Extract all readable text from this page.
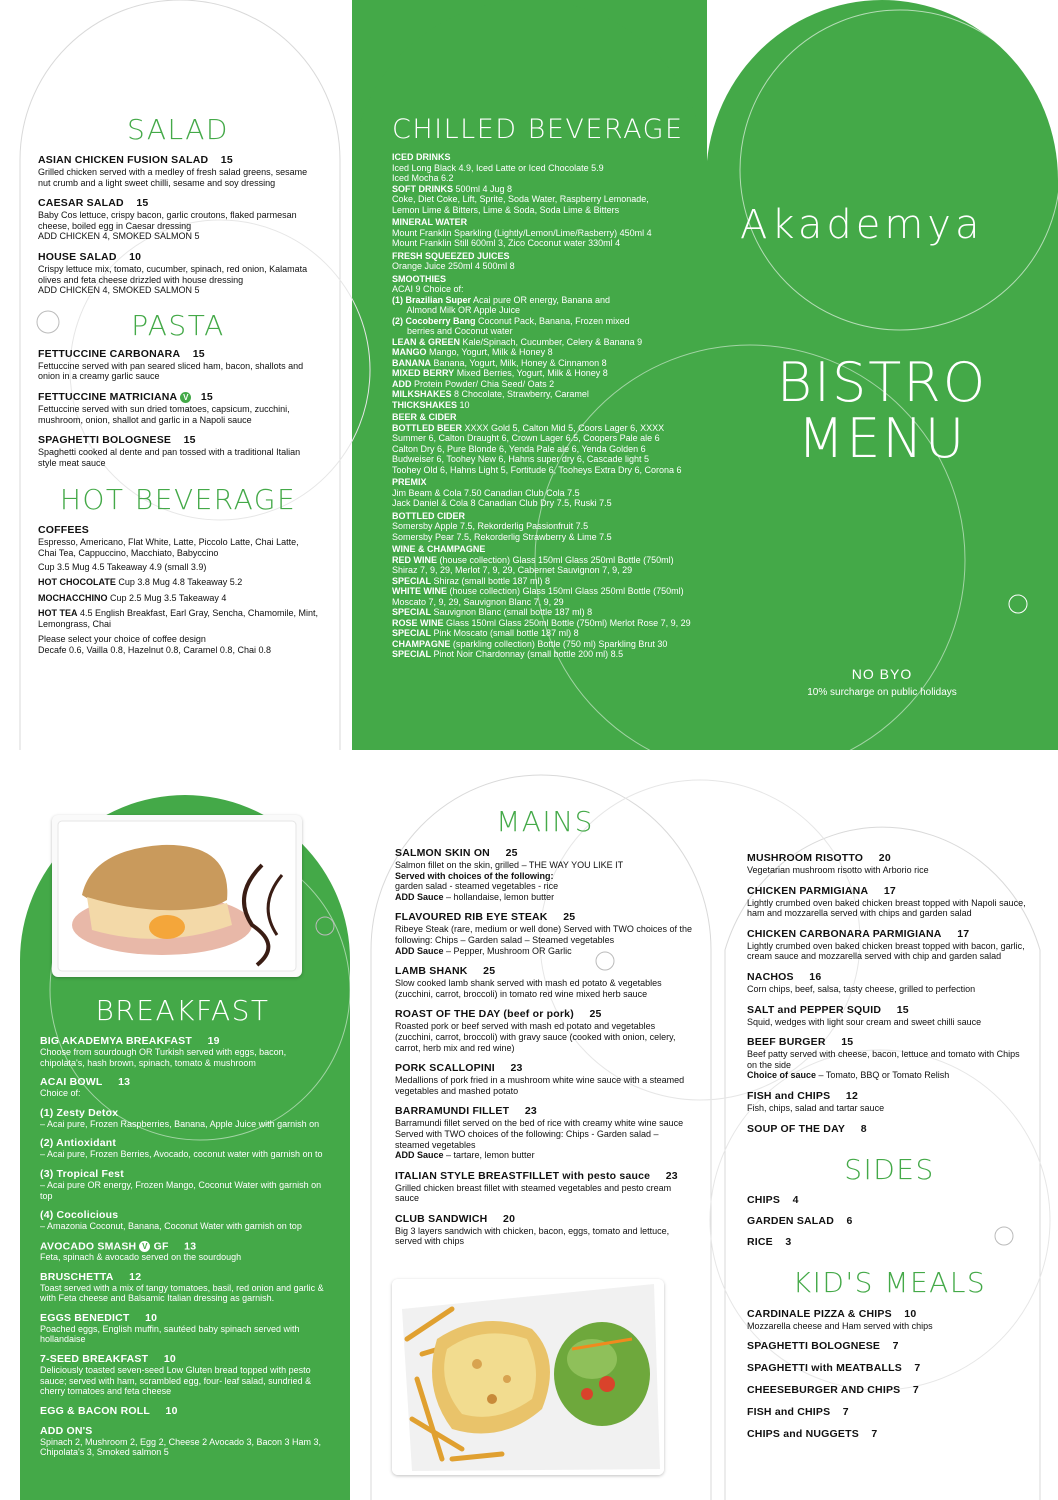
SALAD
ASIAN CHICKEN FUSION SALAD 15
Grilled chicken served with a medley of fresh salad greens, sesame nut crumb and a light sweet chilli, sesame and soy dressing
CAESAR SALAD 15
Baby Cos lettuce, crispy bacon, garlic croutons, flaked parmesan cheese, boiled egg in Caesar dressing
ADD CHICKEN 4, SMOKED SALMON 5
HOUSE SALAD 10
Crispy lettuce mix, tomato, cucumber, spinach, red onion, Kalamata olives and feta cheese drizzled with house dressing
ADD CHICKEN 4, SMOKED SALMON 5
PASTA
FETTUCCINE CARBONARA 15
Fettuccine served with pan seared sliced ham, bacon, shallots and onion in a creamy garlic sauce
FETTUCCINE MATRICIANA V 15
Fettuccine served with sun dried tomatoes, capsicum, zucchini, mushroom, onion, shallot and garlic in a Napoli sauce
SPAGHETTI BOLOGNESE 15
Spaghetti cooked al dente and pan tossed with a traditional Italian style meat sauce
HOT BEVERAGE
COFFEES
Espresso, Americano, Flat White, Latte, Piccolo Latte, Chai Latte, Chai Tea, Cappuccino, Macchiato, Babyccino
Cup 3.5 Mug 4.5 Takeaway 4.9 (small 3.9)
HOT CHOCOLATE Cup 3.8 Mug 4.8 Takeaway 5.2
MOCHACCHINO Cup 2.5 Mug 3.5 Takeaway 4
HOT TEA 4.5 English Breakfast, Earl Gray, Sencha, Chamomile, Mint, Lemongrass, Chai
Please select your choice of coffee design
Decafe 0.6, Vailla 0.8, Hazelnut 0.8, Caramel 0.8, Chai 0.8
CHILLED BEVERAGE
ICED DRINKS
Iced Long Black 4.9, Iced Latte or Iced Chocolate 5.9
Iced Mocha 6.2
SOFT DRINKS 500ml 4 Jug 8
Coke, Diet Coke, Lift, Sprite, Soda Water, Raspberry Lemonade,
Lemon Lime & Bitters, Lime & Soda, Soda Lime & Bitters
MINERAL WATER
Mount Franklin Sparkling (Lightly/Lemon/Lime/Rasberry) 450ml 4
Mount Franklin Still 600ml 3, Zico Coconut water 330ml 4
FRESH SQUEEZED JUICES
Orange Juice 250ml 4 500ml 8
SMOOTHIES
ACAI 9 Choice of:
(1) Brazilian Super Acai pure OR energy, Banana and
Almond Milk OR Apple Juice
(2) Cocoberry Bang Coconut Pack, Banana, Frozen mixed
berries and Coconut water
LEAN & GREEN Kale/Spinach, Cucumber, Celery & Banana 9
MANGO Mango, Yogurt, Milk & Honey 8
BANANA Banana, Yogurt, Milk, Honey & Cinnamon 8
MIXED BERRY Mixed Berries, Yogurt, Milk & Honey 8
ADD Protein Powder/ Chia Seed/ Oats 2
MILKSHAKES 8 Chocolate, Strawberry, Caramel
THICKSHAKES 10
BEER & CIDER
BOTTLED BEER XXXX Gold 5, Calton Mid 5, Coors Lager 6, XXXX
Summer 6, Calton Draught 6, Crown Lager 6.5, Coopers Pale ale 6
Calton Dry 6, Pure Blonde 6, Yenda Pale ale 6, Yenda Golden 6
Budweiser 6, Toohey New 6, Hahns super dry 6, Cascade light 5
Toohey Old 6, Hahns Light 5, Fortitude 6, Tooheys Extra Dry 6, Corona 6
PREMIX
Jim Beam & Cola 7.50 Canadian Club Cola 7.5
Jack Daniel & Cola 8 Canadian Club Dry 7.5, Ruski 7.5
BOTTLED CIDER
Somersby Apple 7.5, Rekorderlig Passionfruit 7.5
Somersby Pear 7.5, Rekorderlig Strawberry & Lime 7.5
WINE & CHAMPAGNE
RED WINE (house collection) Glass 150ml Glass 250ml Bottle (750ml)
Shiraz 7, 9, 29, Merlot 7, 9, 29, Cabernet Sauvignon 7, 9, 29
SPECIAL Shiraz (small bottle 187 ml) 8
WHITE WINE (house collection) Glass 150ml Glass 250ml Bottle (750ml)
Moscato 7, 9, 29, Sauvignon Blanc 7, 9, 29
SPECIAL Sauvignon Blanc (small bottle 187 ml) 8
ROSE WINE Glass 150ml Glass 250ml Bottle (750ml) Merlot Rose 7, 9, 29
SPECIAL Pink Moscato (small bottle 187 ml) 8
CHAMPAGNE (sparkling collection) Bottle (750 ml) Sparkling Brut 30
SPECIAL Pinot Noir Chardonnay (small bottle 200 ml) 8.5
Akademya
BISTRO
MENU
NO BYO
10% surcharge on public holidays
BREAKFAST
BIG AKADEMYA BREAKFAST 19
Choose from sourdough OR Turkish served with eggs, bacon, chipolata's, hash brown, spinach, tomato & mushroom
ACAI BOWL 13
Choice of:
(1) Zesty Detox
– Acai pure, Frozen Raspberries, Banana, Apple Juice with garnish on
(2) Antioxidant
– Acai pure, Frozen Berries, Avocado, coconut water with garnish on to
(3) Tropical Fest
– Acai pure OR energy, Frozen Mango, Coconut Water with garnish on top
(4) Cocolicious
– Amazonia Coconut, Banana, Coconut Water with garnish on top
AVOCADO SMASH V GF 13
Feta, spinach & avocado served on the sourdough
BRUSCHETTA 12
Toast served with a mix of tangy tomatoes, basil, red onion and garlic & with Feta cheese and Balsamic Italian dressing as garnish.
EGGS BENEDICT 10
Poached eggs, English muffin, sautéed baby spinach served with hollandaise
7-SEED BREAKFAST 10
Deliciously toasted seven-seed Low Gluten bread topped with pesto sauce; served with ham, scrambled egg, four- leaf salad, sundried & cherry tomatoes and feta cheese
EGG & BACON ROLL 10
ADD ON'S
Spinach 2, Mushroom 2, Egg 2, Cheese 2 Avocado 3, Bacon 3 Ham 3, Chipolata's 3, Smoked salmon 5
MAINS
SALMON SKIN ON 25
Salmon fillet on the skin, grilled – THE WAY YOU LIKE IT
Served with choices of the following:
garden salad - steamed vegetables - rice
ADD Sauce – hollandaise, lemon butter
FLAVOURED RIB EYE STEAK 25
Ribeye Steak (rare, medium or well done) Served with TWO choices of the following: Chips – Garden salad – Steamed vegetables
ADD Sauce – Pepper, Mushroom OR Garlic
LAMB SHANK 25
Slow cooked lamb shank served with mash ed potato & vegetables (zucchini, carrot, broccoli) in tomato red wine mixed herb sauce
ROAST OF THE DAY (beef or pork) 25
Roasted pork or beef served with mash ed potato and vegetables (zucchini, carrot, broccoli) with gravy sauce (cooked with onion, celery, carrot, herb mix and red wine)
PORK SCALLOPINI 23
Medallions of pork fried in a mushroom white wine sauce with a steamed vegetables and mashed potato
BARRAMUNDI FILLET 23
Barramundi fillet served on the bed of rice with creamy white wine sauce Served with TWO choices of the following: Chips - Garden salad – steamed vegetables
ADD Sauce – tartare, lemon butter
ITALIAN STYLE BREASTFILLET with pesto sauce 23
Grilled chicken breast fillet with steamed vegetables and pesto cream sauce
CLUB SANDWICH 20
Big 3 layers sandwich with chicken, bacon, eggs, tomato and lettuce, served with chips
MUSHROOM RISOTTO 20
Vegetarian mushroom risotto with Arborio rice
CHICKEN PARMIGIANA 17
Lightly crumbed oven baked chicken breast topped with Napoli sauce, ham and mozzarella served with chips and garden salad
CHICKEN CARBONARA PARMIGIANA 17
Lightly crumbed oven baked chicken breast topped with bacon, garlic, cream sauce and mozzarella served with chip and garden salad
NACHOS 16
Corn chips, beef, salsa, tasty cheese, grilled to perfection
SALT and PEPPER SQUID 15
Squid, wedges with light sour cream and sweet chilli sauce
BEEF BURGER 15
Beef patty served with cheese, bacon, lettuce and tomato with Chips on the side
Choice of sauce – Tomato, BBQ or Tomato Relish
FISH and CHIPS 12
Fish, chips, salad and tartar sauce
SOUP OF THE DAY 8
SIDES
CHIPS 4
GARDEN SALAD 6
RICE 3
KID'S MEALS
CARDINALE PIZZA & CHIPS 10
Mozzarella cheese and Ham served with chips
SPAGHETTI BOLOGNESE 7
SPAGHETTI with MEATBALLS 7
CHEESEBURGER AND CHIPS 7
FISH and CHIPS 7
CHIPS and NUGGETS 7
